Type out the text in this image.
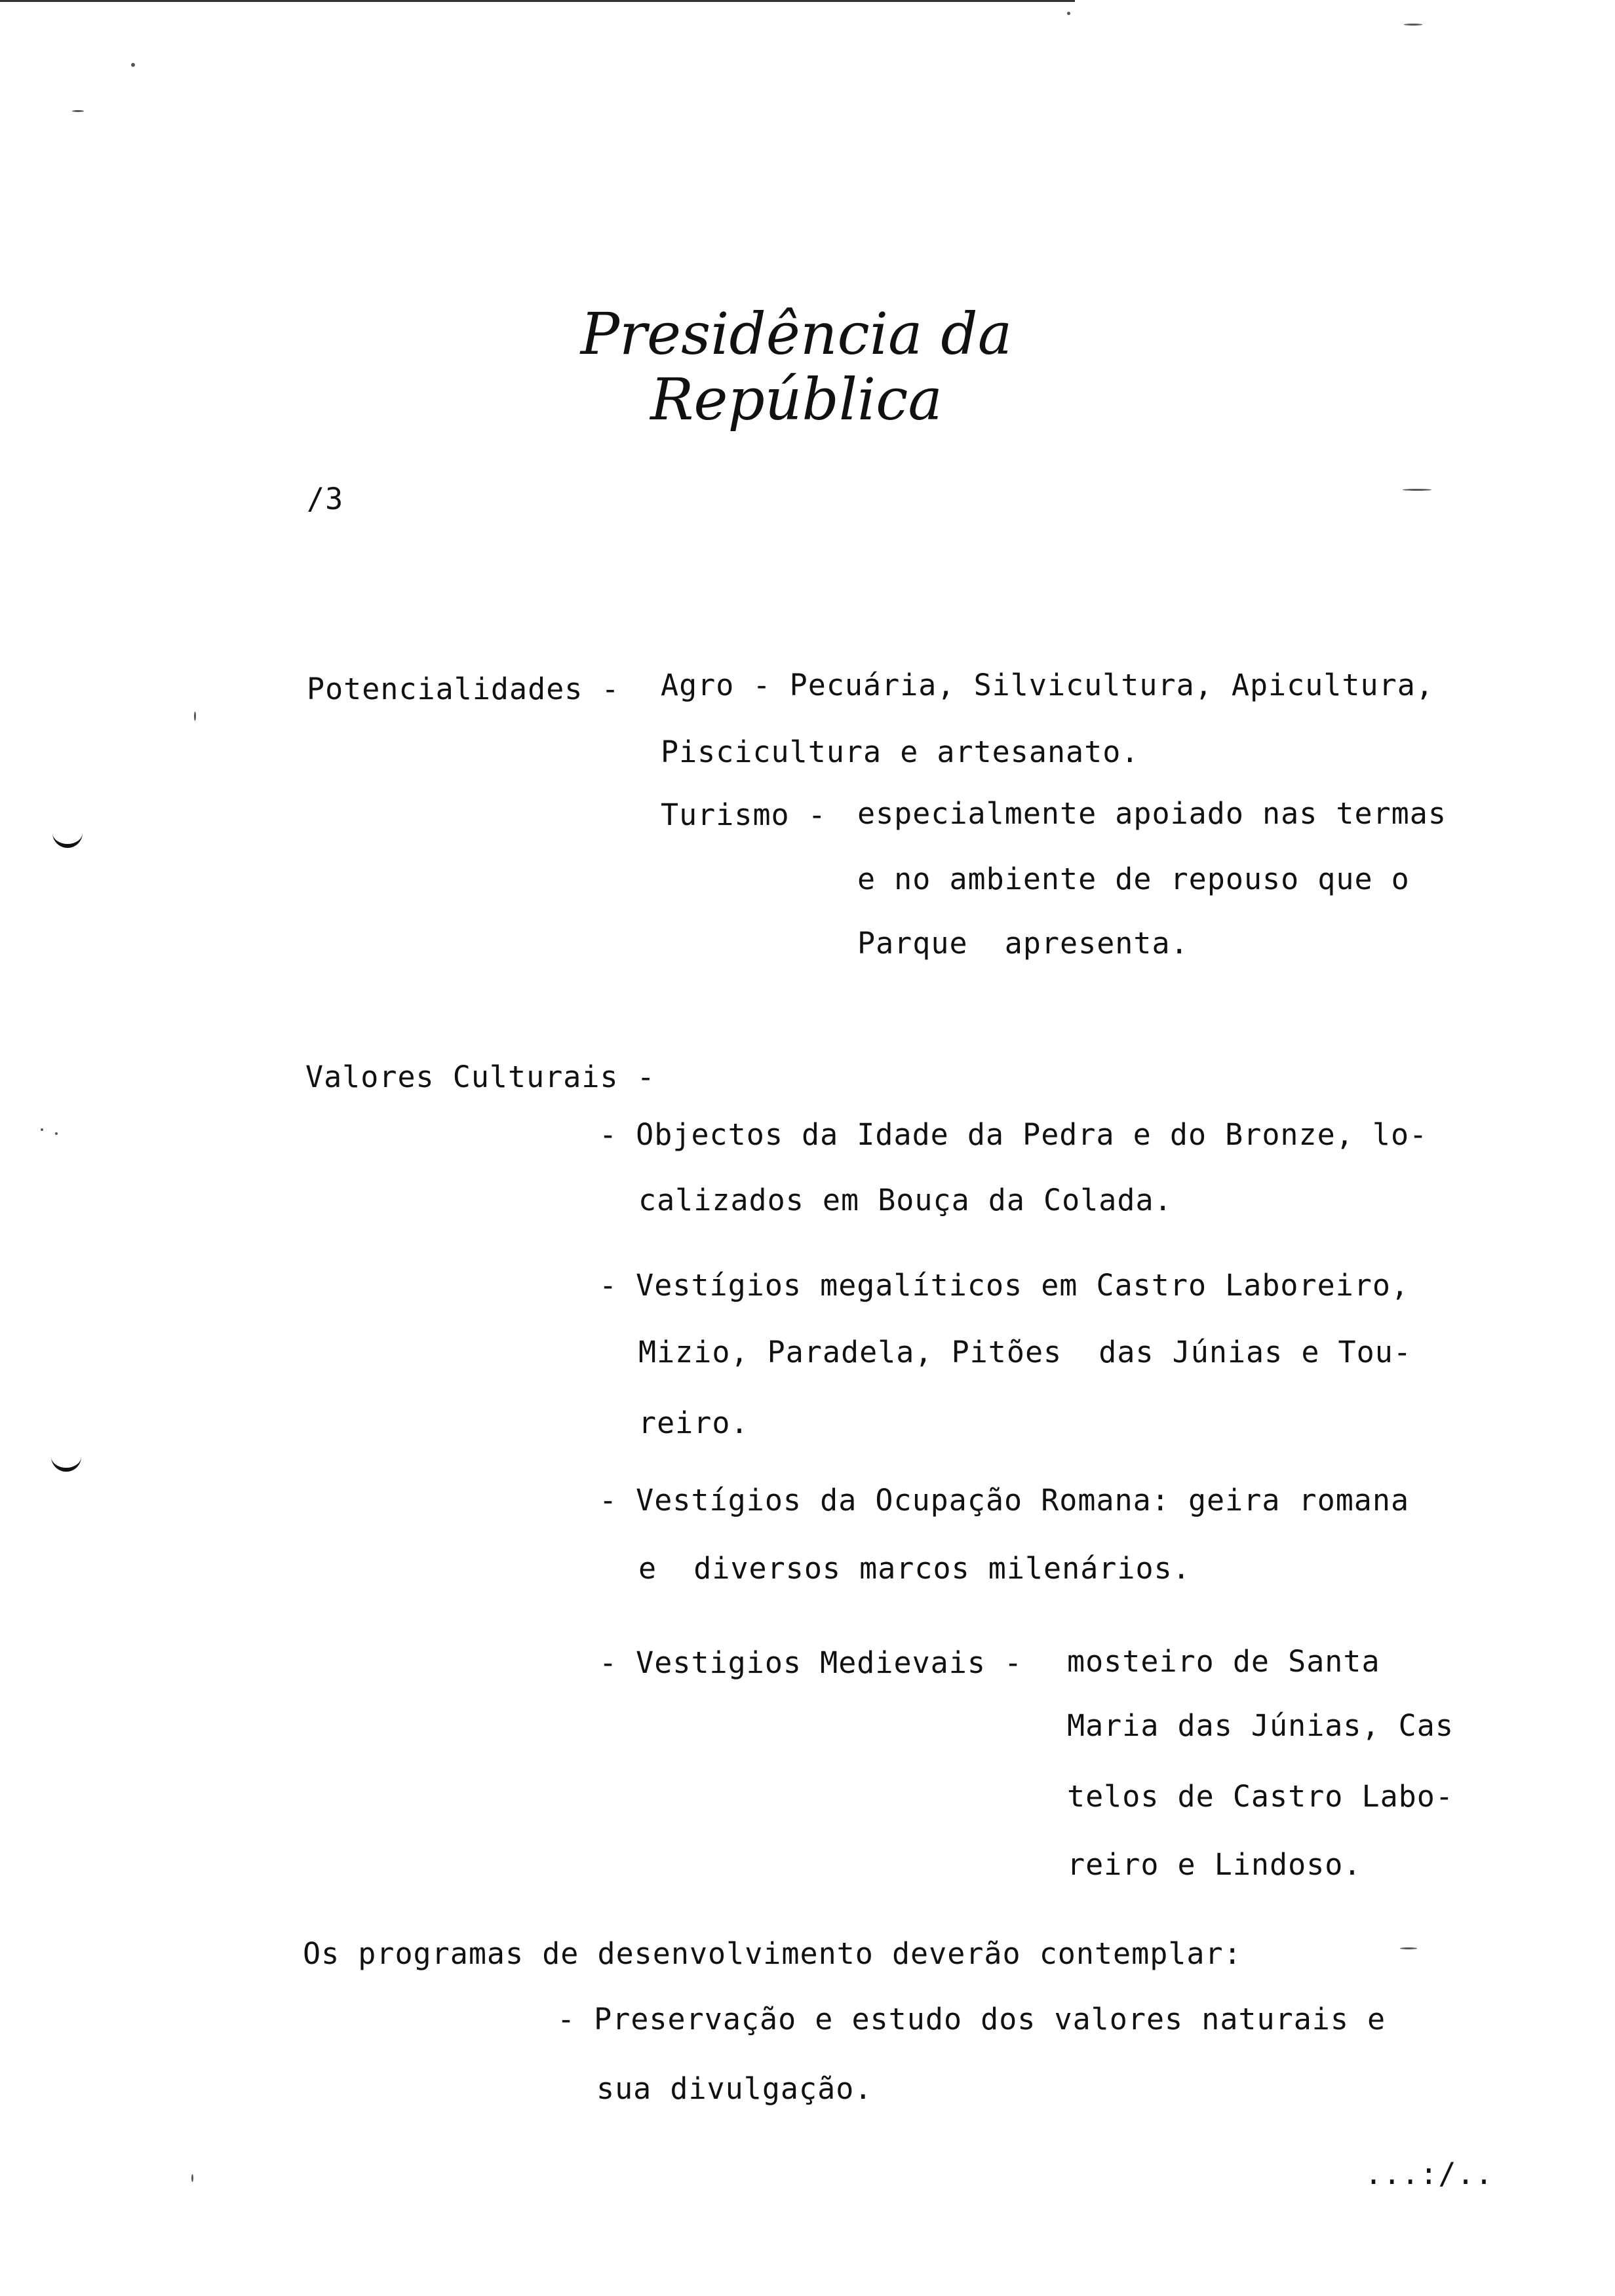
Presidência da República
/3
Potencialidades - Agro - Pecuária, Silvicultura, Apicultura,
Piscicultura e artesanato.
Turismo - especialmente apoiado nas termas
e no ambiente de repouso que o
Parque  apresenta.
Valores Culturais -
- Objectos da Idade da Pedra e do Bronze, lo-
calizados em Bouça da Colada.
- Vestígios megalíticos em Castro Laboreiro,
Mizio, Paradela, Pitões  das Júnias e Tou-
reiro.
- Vestígios da Ocupação Romana: geira romana
e  diversos marcos milenários.
- Vestigios Medievais - mosteiro de Santa
Maria das Júnias, Cas
telos de Castro Labo-
reiro e Lindoso.
Os programas de desenvolvimento deverão contemplar:
- Preservação e estudo dos valores naturais e
sua divulgação.
...:/..
